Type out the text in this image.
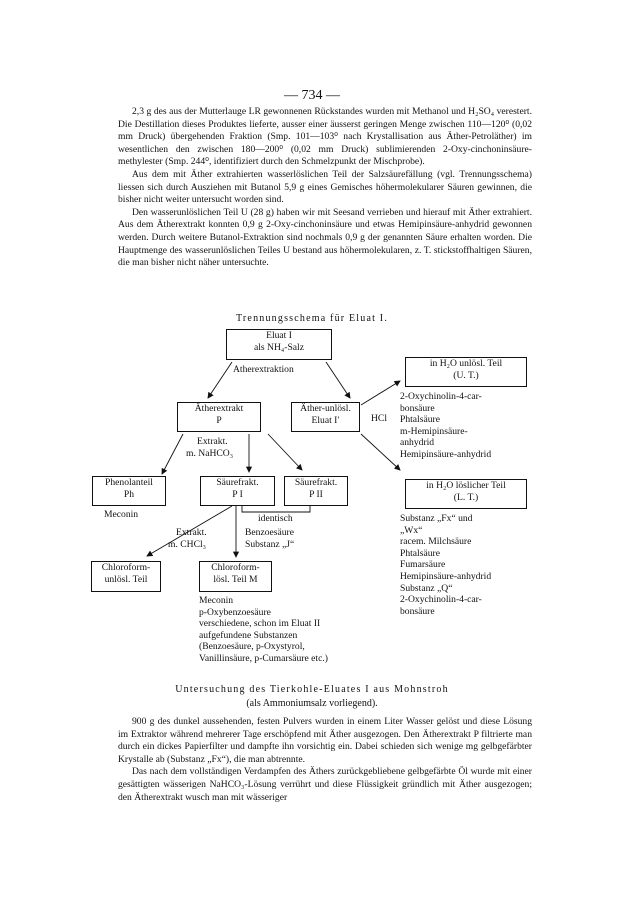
— 734 —

2,3 g des aus der Mutterlauge LR gewonnenen Rückstandes wurden mit Methanol und H₂SO₄ verestert. Die Destillation dieses Produktes lieferte, ausser einer äusserst geringen Menge zwischen 110—120⁰ (0,02 mm Druck) übergehenden Fraktion (Smp. 101—103⁰ nach Krystallisation aus Äther-Petroläther) im wesentlichen den zwischen 180—200⁰ (0,02 mm Druck) sublimierenden 2-Oxy-cinchoninsäure-methylester (Smp. 244⁰, identifiziert durch den Schmelzpunkt der Mischprobe).

Aus dem mit Äther extrahierten wasserlöslichen Teil der Salzsäurefällung (vgl. Trennungsschema) liessen sich durch Ausziehen mit Butanol 5,9 g eines Gemisches höhermolekularer Säuren gewinnen, die bisher nicht weiter untersucht worden sind.

Den wasserunlöslichen Teil U (28 g) haben wir mit Seesand verrieben und hierauf mit Äther extrahiert. Aus dem Ätherextrakt konnten 0,9 g 2-Oxy-cinchoninsäure und etwas Hemipinsäure-anhydrid gewonnen werden. Durch weitere Butanol-Extraktion sind nochmals 0,9 g der genannten Säure erhalten worden. Die Hauptmenge des wasserunlöslichen Teiles U bestand aus höhermolekularen, z. T. stickstoffhaltigen Säuren, die man bisher nicht näher untersuchte.

Trennungsschema für Eluat I.
Eluat I
als NH₄-Salz
Atherextraktion
Ätherextrakt
P
Äther-unlösl.
Eluat I′	HCl
Extrakt.
m. NaHCO₃
Phenolanteil
Ph
Meconin
Säurefrakt.
P I
Säurefrakt.
P II
identisch
Extrakt.
m. CHCl₃
Benzoesäure
Substanz „J“
Chloroform-
unlösl. Teil
Chloroform-
lösl. Teil M
Meconin
p-Oxybenzoesäure
verschiedene, schon im Eluat II
aufgefundene Substanzen
(Benzoesäure, p-Oxystyrol,
Vanillinsäure, p-Cumarsäure etc.)
in H₂O unlösl. Teil
(U. T.)
2-Oxychinolin-4-car-
bonsäure
Phtalsäure
m-Hemipinsäure-
anhydrid
Hemipinsäure-anhydrid
in H₂O löslicher Teil
(L. T.)
Substanz „Fx“ und
„Wx“
racem. Milchsäure
Phtalsäure
Fumarsäure
Hemipinsäure-anhydrid
Substanz „Q“
2-Oxychinolin-4-car-
bonsäure
Untersuchung des Tierkohle-Eluates I aus Mohnstroh
(als Ammoniumsalz vorliegend).

900 g des dunkel aussehenden, festen Pulvers wurden in einem Liter Wasser gelöst und diese Lösung im Extraktor während mehrerer Tage erschöpfend mit Äther ausgezogen. Den Ätherextrakt P filtrierte man durch ein dickes Papierfilter und dampfte ihn vorsichtig ein. Dabei schieden sich wenige mg gelbgefärbter Krystalle ab (Substanz „Fx“), die man abtrennte.

Das nach dem vollständigen Verdampfen des Äthers zurückgebliebene gelbgefärbte Öl wurde mit einer gesättigten wässerigen NaHCO₃-Lösung verrührt und diese Flüssigkeit gründlich mit Äther ausgezogen; den Ätherextrakt wusch man mit wässeriger
